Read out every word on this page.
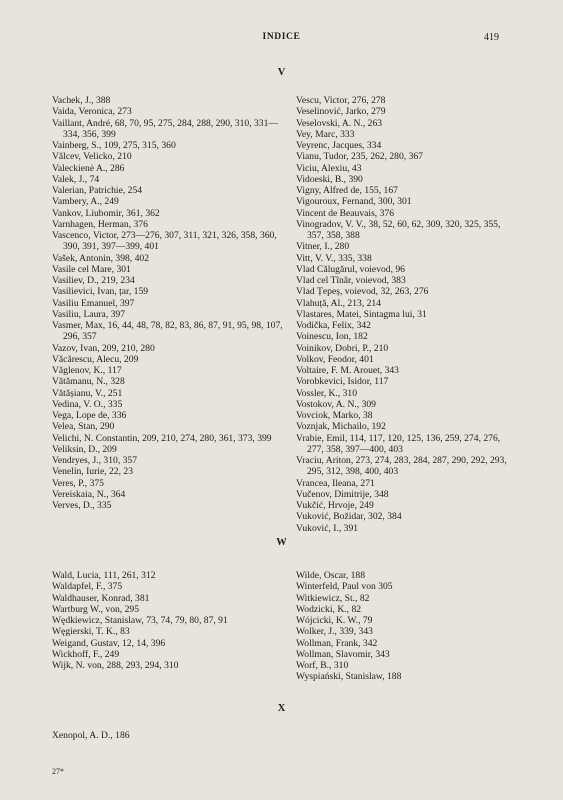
INDICE	419
V
Vachek, J., 388
Vaida, Veronica, 273
Vaillant, André, 68, 70, 95, 275, 284, 288, 290, 310, 331—334, 356, 399
Vainberg, S., 109, 275, 315, 360
Vălcev, Velicko, 210
Valeckienė A., 286
Valek, J., 74
Valerian, Patrichie, 254
Vambery, A., 249
Vankov, Liubomir, 361, 362
Varnhagen, Herman, 376
Vascenco, Victor, 273—276, 307, 311, 321, 326, 358, 360, 390, 391, 397—399, 401
Vašek, Antonin, 398, 402
Vasile cel Mare, 301
Vasiliev, D., 219, 234
Vasilievici, Ivan, țar, 159
Vasiliu Emanuel, 397
Vasiliu, Laura, 397
Vasmer, Max, 16, 44, 48, 78, 82, 83, 86, 87, 91, 95, 98, 107, 296, 357
Vazov, Ivan, 209, 210, 280
Văcărescu, Alecu, 209
Văglenov, K., 117
Vătămanu, N., 328
Vătășianu, V., 251
Vedina, V. O., 335
Vega, Lope de, 336
Velea, Stan, 290
Velichi, N. Constantin, 209, 210, 274, 280, 361, 373, 399
Veliksin, D., 209
Vendryes, J., 310, 357
Venelin, Iurie, 22, 23
Veres, P., 375
Vereiskaia, N., 364
Verves, D., 335
Vescu, Victor, 276, 278
Veselinović, Jarko, 279
Veselovski, A. N., 263
Vey, Marc, 333
Veyrenc, Jacques, 334
Vianu, Tudor, 235, 262, 280, 367
Viciu, Alexiu, 43
Vidoeski, B., 390
Vigny, Alfred de, 155, 167
Vigouroux, Fernand, 300, 301
Vincent de Beauvais, 376
Vinogradov, V. V., 38, 52, 60, 62, 309, 320, 325, 355, 357, 358, 388
Vitner, I., 280
Vitt, V. V., 335, 338
Vlad Călugărul, voievod, 96
Vlad cel Tînăr, voievod, 383
Vlad Țepeș, voievod, 32, 263, 276
Vlahuță, Al., 213, 214
Vlastares, Matei, Sintagma lui, 31
Vodička, Felix, 342
Voinescu, Ion, 182
Voinikov, Dobri, P., 210
Volkov, Feodor, 401
Voltaire, F. M. Arouet, 343
Vorobkevici, Isidor, 117
Vossler, K., 310
Vostokov, A. N., 309
Vovciok, Marko, 38
Voznjak, Michailo, 192
Vrabie, Emil, 114, 117, 120, 125, 136, 259, 274, 276, 277, 358, 397—400, 403
Vraciu, Ariton, 273, 274, 283, 284, 287, 290, 292, 293, 295, 312, 398, 400, 403
Vrancea, Ileana, 271
Vučenov, Dimitrije, 348
Vukčić, Hrvoje, 249
Vuković, Božidar, 302, 384
Vuković, I., 391
W
Wald, Lucia, 111, 261, 312
Waldapfel, F., 375
Waldhauser, Konrad, 381
Wartburg W., von, 295
Wędkiewicz, Stanislaw, 73, 74, 79, 80, 87, 91
Węgierski, T. K., 83
Weigand, Gustav, 12, 14, 396
Wickhoff, F., 249
Wijk, N. von, 288, 293, 294, 310
Wilde, Oscar, 188
Winterfeld, Paul von 305
Witkiewicz, St., 82
Wodzicki, K., 82
Wójcicki, K. W., 79
Wolker, J., 339, 343
Wollman, Frank, 342
Wollman, Slavomir, 343
Worf, B., 310
Wyspiański, Stanislaw, 188
X
Xenopol, A. D., 186
27*
